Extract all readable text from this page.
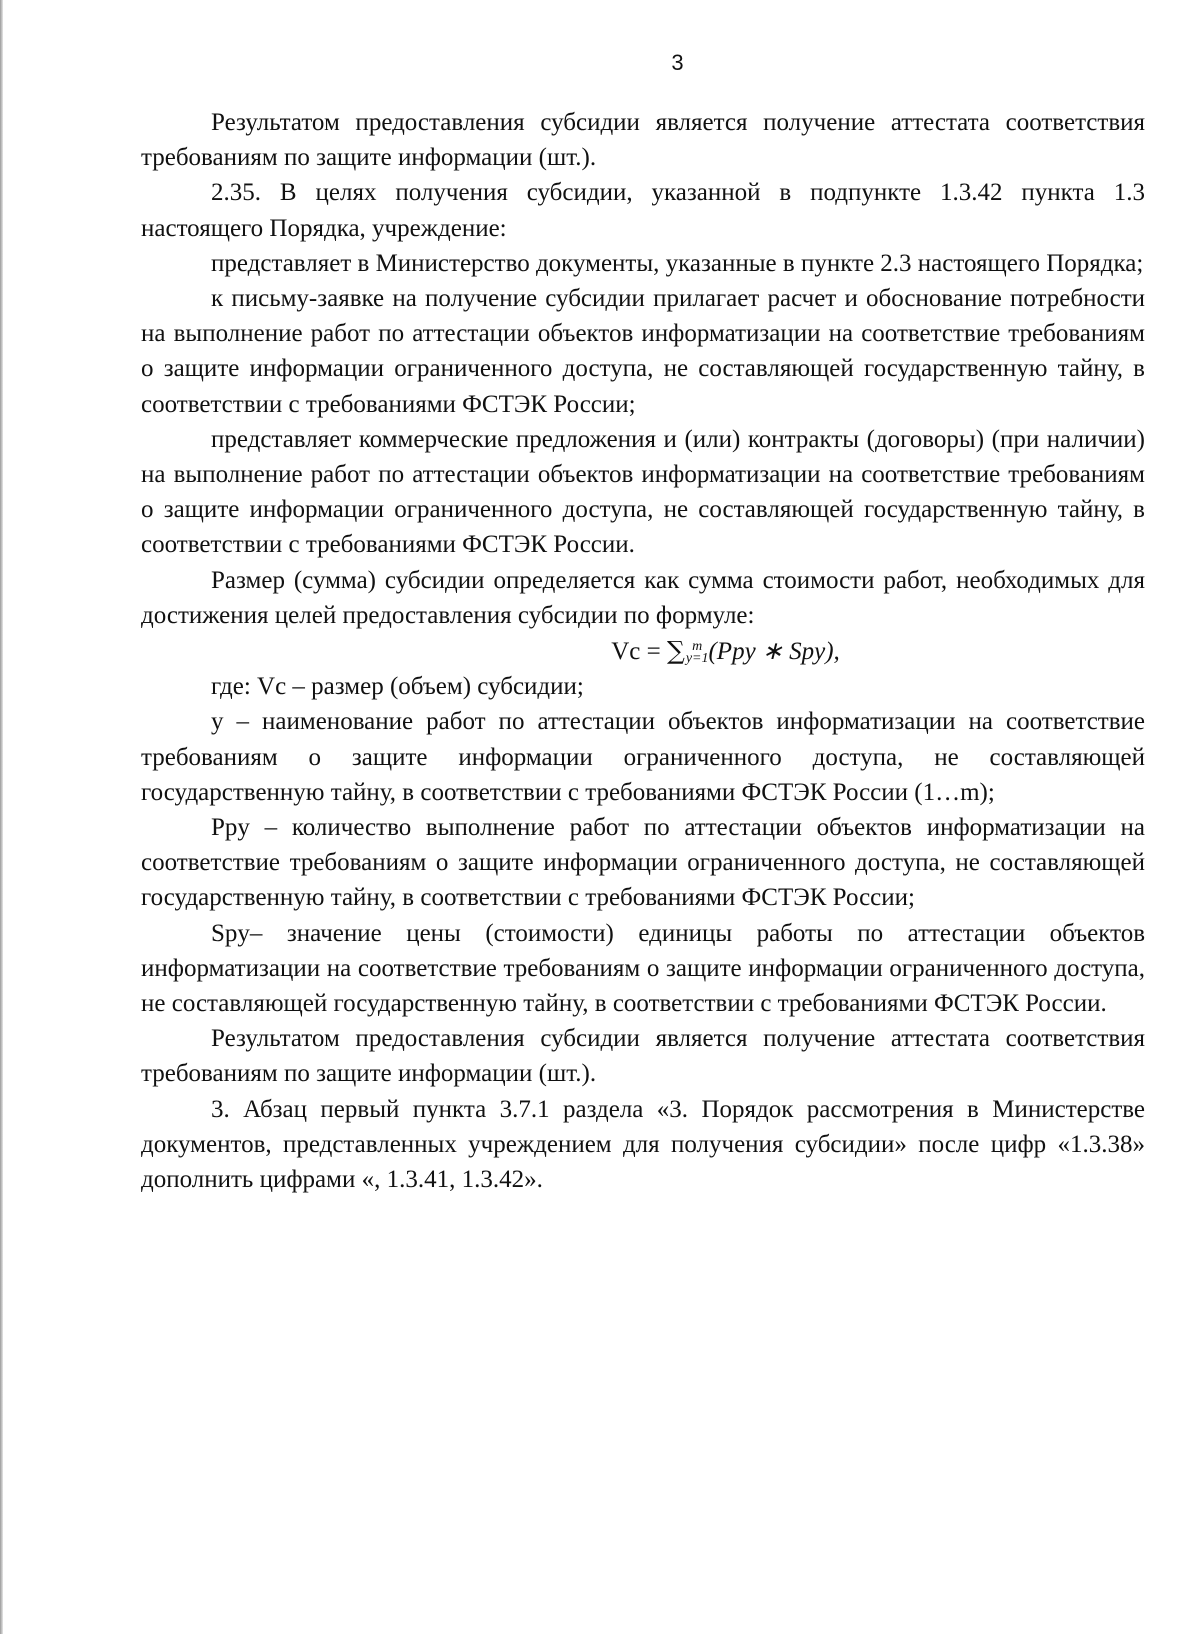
3

Результатом предоставления субсидии является получение аттестата соответствия требованиям по защите информации (шт.).

2.35. В целях получения субсидии, указанной в подпункте 1.3.42 пункта 1.3 настоящего Порядка, учреждение:

представляет в Министерство документы, указанные в пункте 2.3 настоящего Порядка;

к письму-заявке на получение субсидии прилагает расчет и обоснование потребности на выполнение работ по аттестации объектов информатизации на соответствие требованиям о защите информации ограниченного доступа, не составляющей государственную тайну, в соответствии с требованиями ФСТЭК России;

представляет коммерческие предложения и (или) контракты (договоры) (при наличии) на выполнение работ по аттестации объектов информатизации на соответствие требованиям о защите информации ограниченного доступа, не составляющей государственную тайну, в соответствии с требованиями ФСТЭК России.

Размер (сумма) субсидии определяется как сумма стоимости работ, необходимых для достижения целей предоставления субсидии по формуле:

Vc = ∑ m
y=1(Ppy ∗ Spy),

где: Vc – размер (объем) субсидии;

y – наименование работ по аттестации объектов информатизации на соответствие требованиям о защите информации ограниченного доступа, не составляющей государственную тайну, в соответствии с требованиями ФСТЭК России (1…m);

Ppy – количество выполнение работ по аттестации объектов информатизации на соответствие требованиям о защите информации ограниченного доступа, не составляющей государственную тайну, в соответствии с требованиями ФСТЭК России;

Spy– значение цены (стоимости) единицы работы по аттестации объектов информатизации на соответствие требованиям о защите информации ограниченного доступа, не составляющей государственную тайну, в соответствии с требованиями ФСТЭК России.

Результатом предоставления субсидии является получение аттестата соответствия требованиям по защите информации (шт.).

3. Абзац первый пункта 3.7.1 раздела «3. Порядок рассмотрения в Министерстве документов, представленных учреждением для получения субсидии» после цифр «1.3.38» дополнить цифрами «, 1.3.41, 1.3.42».
